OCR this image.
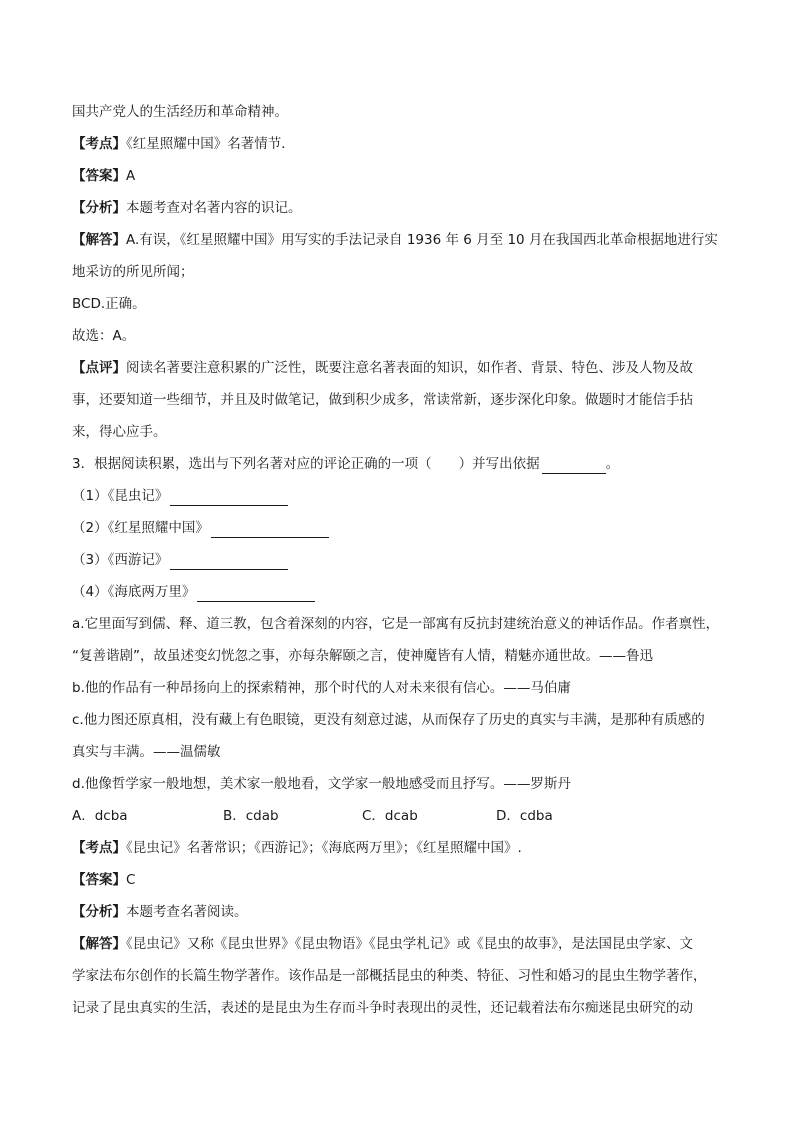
国共产党人的生活经历和革命精神。
【考点】《红星照耀中国》名著情节．
【答案】A
【分析】本题考查对名著内容的识记。
【解答】A.有误，《红星照耀中国》用写实的手法记录自 1936 年 6 月至 10 月在我国西北革命根据地进行实
地采访的所见所闻；
BCD.正确。
故选：A。
【点评】阅读名著要注意积累的广泛性，既要注意名著表面的知识，如作者、背景、特色、涉及人物及故
事，还要知道一些细节，并且及时做笔记，做到积少成多，常读常新，逐步深化印象。做题时才能信手拈
来，得心应手。
3．根据阅读积累，选出与下列名著对应的评论正确的一项（　　）并写出依据	。
（1）《昆虫记》
（2）《红星照耀中国》
（3）《西游记》
（4）《海底两万里》
a.它里面写到儒、释、道三教，包含着深刻的内容，它是一部寓有反抗封建统治意义的神话作品。作者禀性，
“复善谐剧”，故虽述变幻恍忽之事，亦每杂解颐之言，使神魔皆有人情，精魅亦通世故。——鲁迅
b.他的作品有一种昂扬向上的探索精神，那个时代的人对未来很有信心。——马伯庸
c.他力图还原真相，没有藏上有色眼镜，更没有刻意过滤，从而保存了历史的真实与丰满，是那种有质感的
真实与丰满。——温儒敏
d.他像哲学家一般地想，美术家一般地看，文学家一般地感受而且抒写。——罗斯丹
A．dcba	B．cdab	C．dcab	D．cdba
【考点】《昆虫记》名著常识；《西游记》；《海底两万里》；《红星照耀中国》.
【答案】C
【分析】本题考查名著阅读。
【解答】《昆虫记》又称《昆虫世界》《昆虫物语》《昆虫学札记》或《昆虫的故事》，是法国昆虫学家、文
学家法布尔创作的长篇生物学著作。该作品是一部概括昆虫的种类、特征、习性和婚习的昆虫生物学著作，
记录了昆虫真实的生活，表述的是昆虫为生存而斗争时表现出的灵性，还记载着法布尔痴迷昆虫研究的动
